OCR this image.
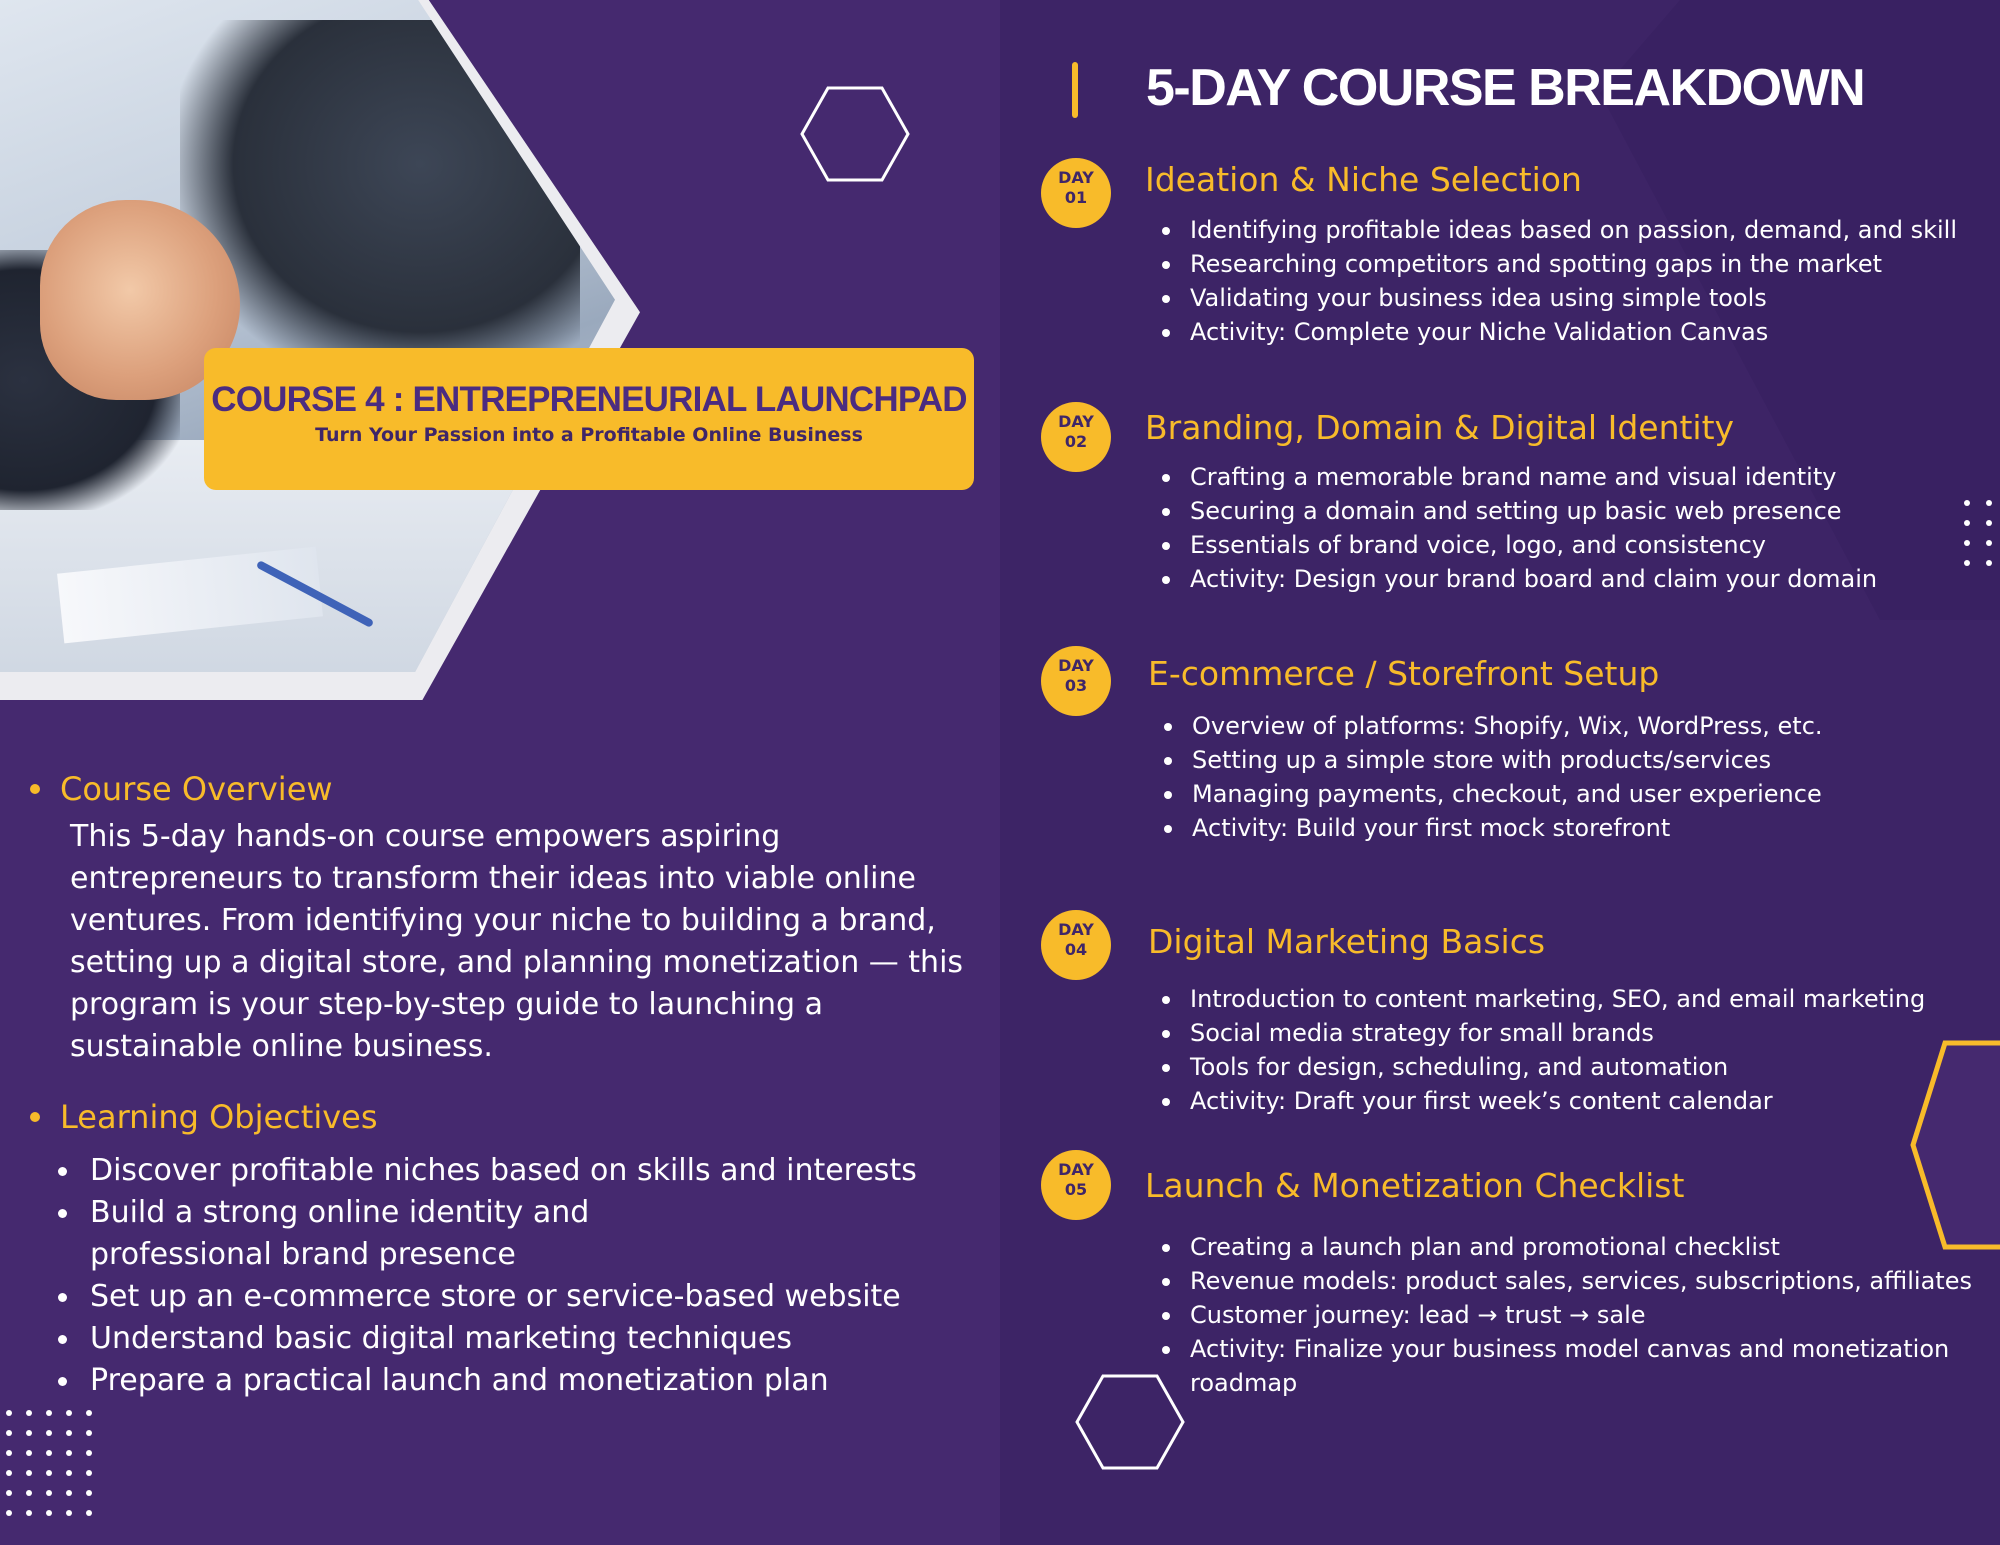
COURSE 4 : ENTREPRENEURIAL LAUNCHPAD
Turn Your Passion into a Profitable Online Business
Course Overview

This 5-day hands-on course empowers aspiring entrepreneurs to transform their ideas into viable online ventures. From identifying your niche to building a brand, setting up a digital store, and planning monetization — this program is your step-by-step guide to launching a sustainable online business.

Learning Objectives
Discover profitable niches based on skills and interests
Build a strong online identity and professional brand presence
Set up an e-commerce store or service-based website
Understand basic digital marketing techniques
Prepare a practical launch and monetization plan
5-DAY COURSE BREAKDOWN
DAY
01	Ideation & Niche Selection
Identifying profitable ideas based on passion, demand, and skill
Researching competitors and spotting gaps in the market
Validating your business idea using simple tools
Activity: Complete your Niche Validation Canvas
DAY
02	Branding, Domain & Digital Identity
Crafting a memorable brand name and visual identity
Securing a domain and setting up basic web presence
Essentials of brand voice, logo, and consistency
Activity: Design your brand board and claim your domain
DAY
03	E-commerce / Storefront Setup
Overview of platforms: Shopify, Wix, WordPress, etc.
Setting up a simple store with products/services
Managing payments, checkout, and user experience
Activity: Build your first mock storefront
DAY
04	Digital Marketing Basics
Introduction to content marketing, SEO, and email marketing
Social media strategy for small brands
Tools for design, scheduling, and automation
Activity: Draft your first week’s content calendar
DAY
05	Launch & Monetization Checklist
Creating a launch plan and promotional checklist
Revenue models: product sales, services, subscriptions, affiliates
Customer journey: lead → trust → sale
Activity: Finalize your business model canvas and monetization roadmap
